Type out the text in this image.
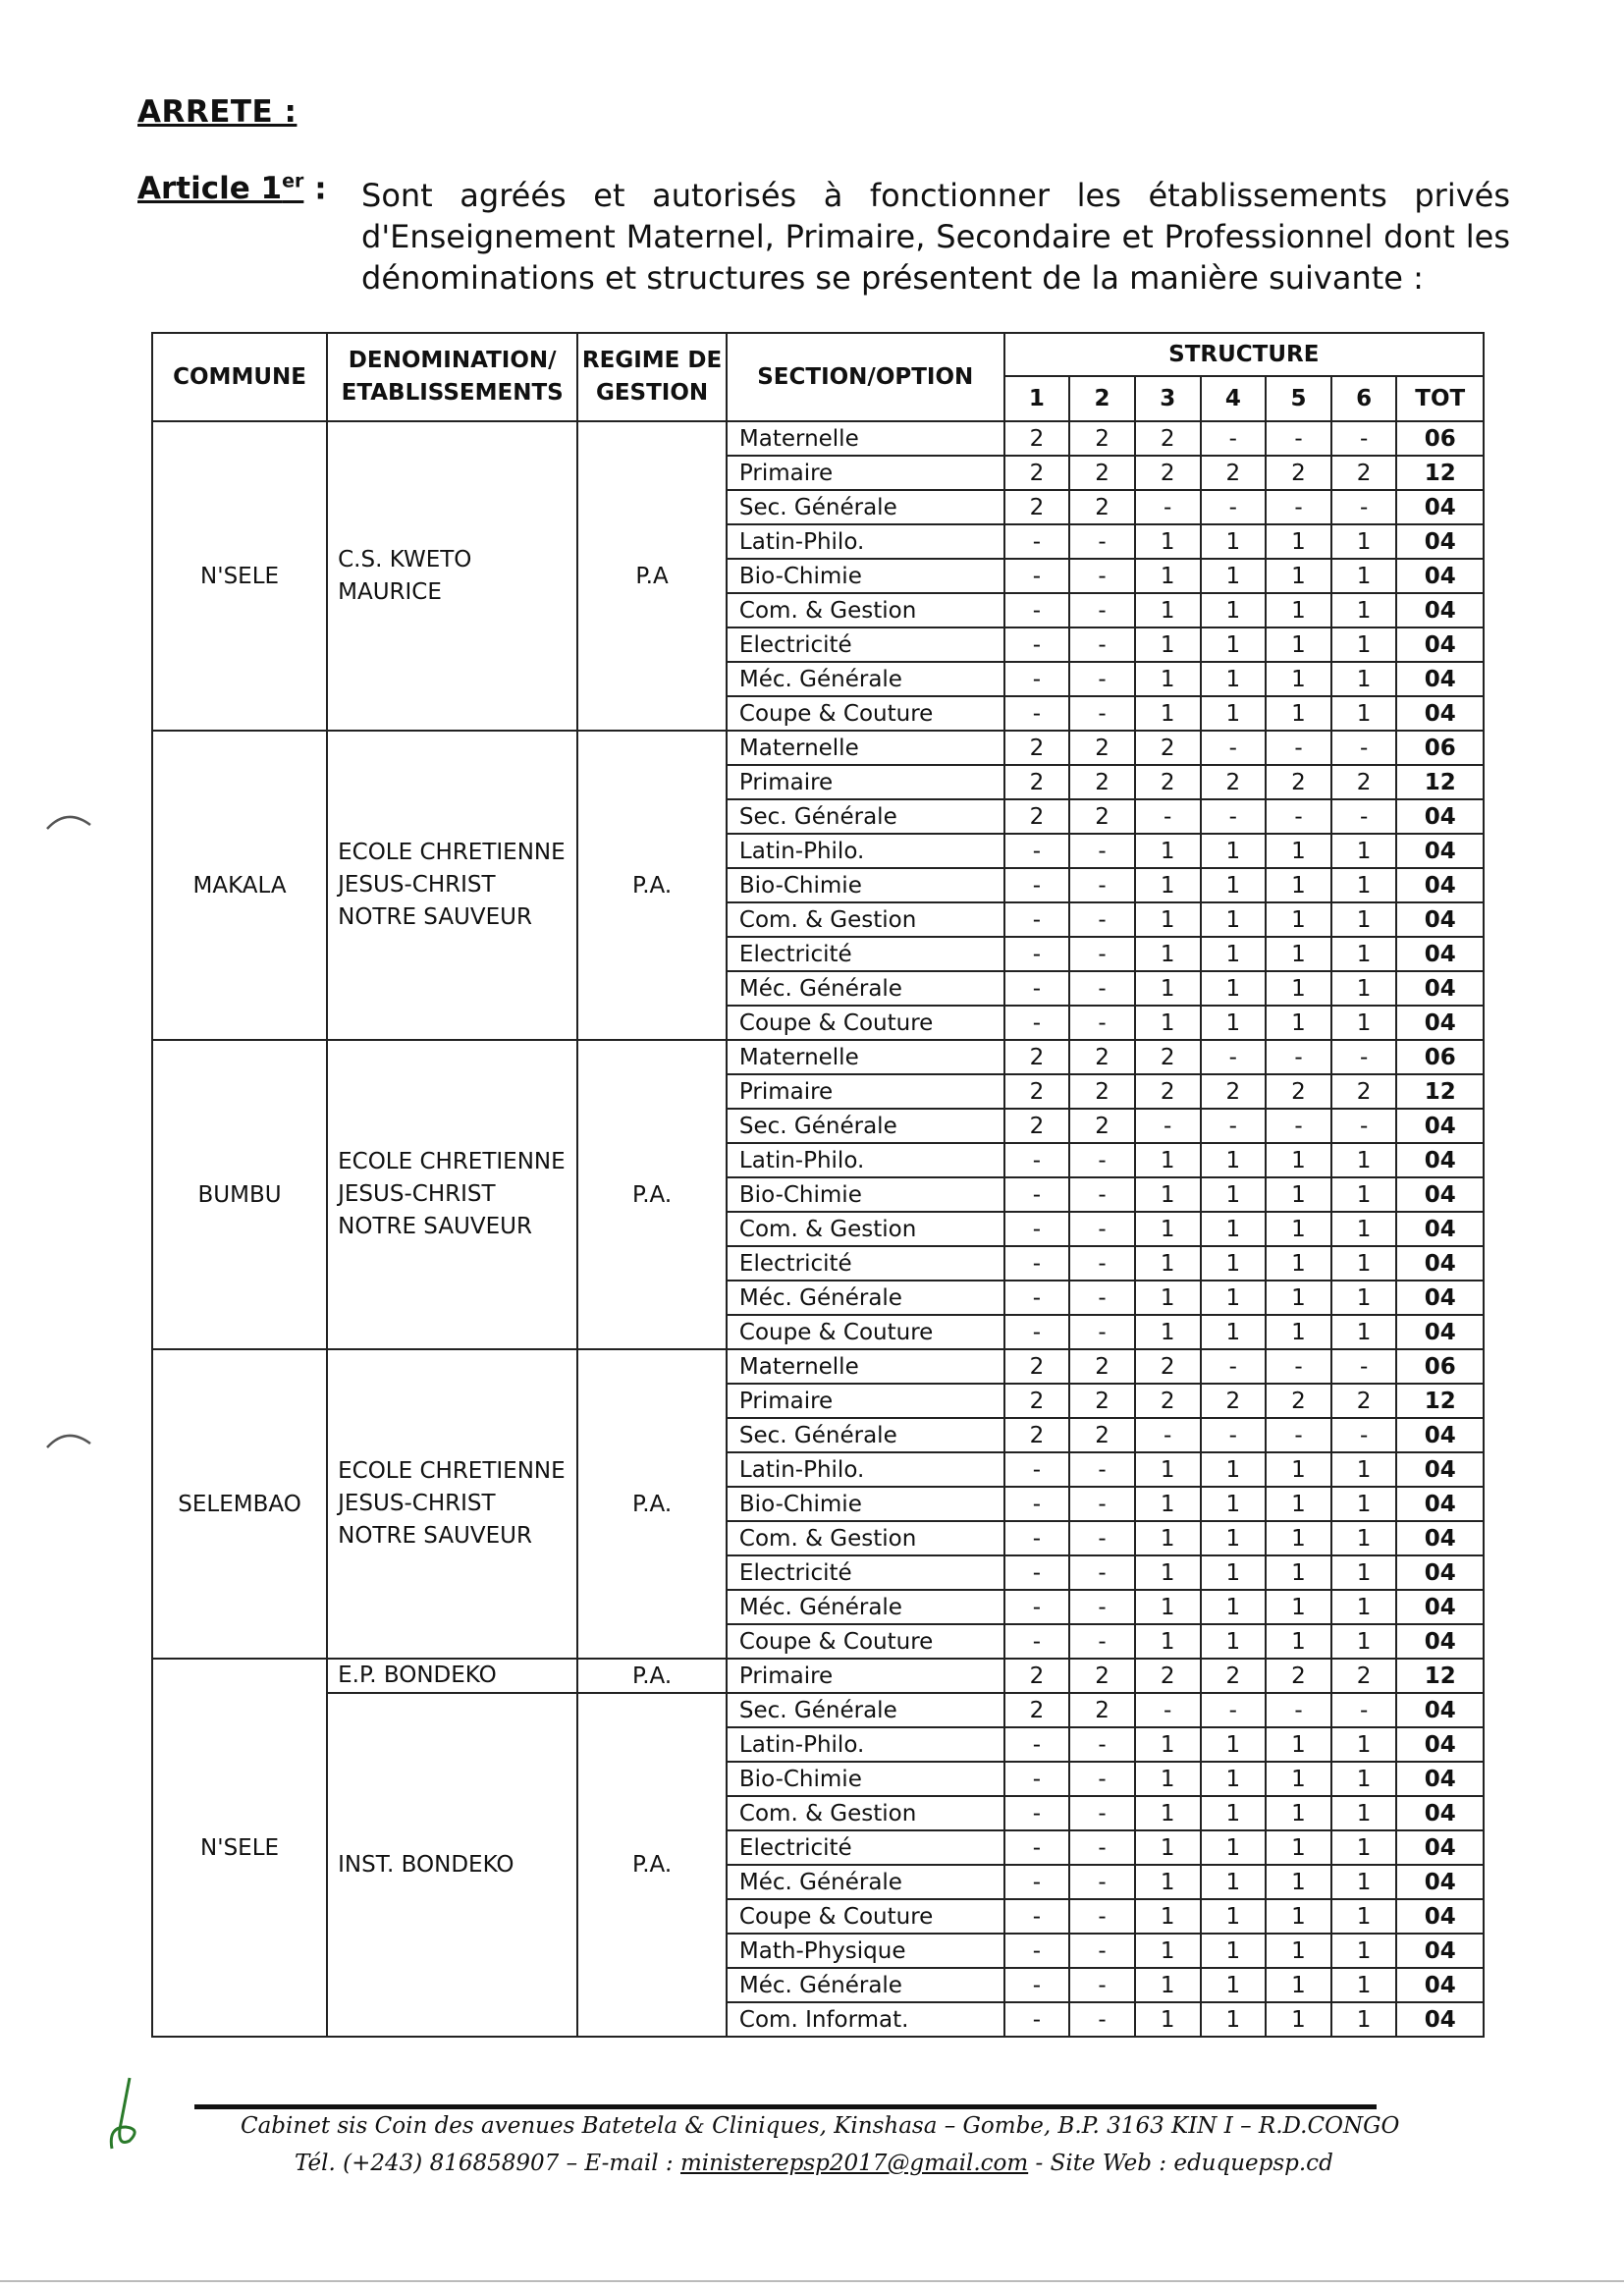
ARRETE :
Article 1er : Sont agréés et autorisés à fonctionner les établissements privés d'Enseignement Maternel, Primaire, Secondaire et Professionnel dont les dénominations et structures se présentent de la manière suivante :
COMMUNE	DENOMINATION/ ETABLISSEMENTS	REGIME DE GESTION	SECTION/OPTION	STRUCTURE						
				1	2	3	4	5	6	TOT
N'SELE	C.S. KWETO MAURICE	P.A	Maternelle	2	2	2	-	-	-	06
			Primaire	2	2	2	2	2	2	12
			Sec. Générale	2	2	-	-	-	-	04
			Latin-Philo.	-	-	1	1	1	1	04
			Bio-Chimie	-	-	1	1	1	1	04
			Com. & Gestion	-	-	1	1	1	1	04
			Electricité	-	-	1	1	1	1	04
			Méc. Générale	-	-	1	1	1	1	04
			Coupe & Couture	-	-	1	1	1	1	04
MAKALA	ECOLE CHRETIENNE JESUS-CHRIST NOTRE SAUVEUR	P.A.	Maternelle	2	2	2	-	-	-	06
			Primaire	2	2	2	2	2	2	12
			Sec. Générale	2	2	-	-	-	-	04
			Latin-Philo.	-	-	1	1	1	1	04
			Bio-Chimie	-	-	1	1	1	1	04
			Com. & Gestion	-	-	1	1	1	1	04
			Electricité	-	-	1	1	1	1	04
			Méc. Générale	-	-	1	1	1	1	04
			Coupe & Couture	-	-	1	1	1	1	04
BUMBU	ECOLE CHRETIENNE JESUS-CHRIST NOTRE SAUVEUR	P.A.	Maternelle	2	2	2	-	-	-	06
			Primaire	2	2	2	2	2	2	12
			Sec. Générale	2	2	-	-	-	-	04
			Latin-Philo.	-	-	1	1	1	1	04
			Bio-Chimie	-	-	1	1	1	1	04
			Com. & Gestion	-	-	1	1	1	1	04
			Electricité	-	-	1	1	1	1	04
			Méc. Générale	-	-	1	1	1	1	04
			Coupe & Couture	-	-	1	1	1	1	04
SELEMBAO	ECOLE CHRETIENNE JESUS-CHRIST NOTRE SAUVEUR	P.A.	Maternelle	2	2	2	-	-	-	06
			Primaire	2	2	2	2	2	2	12
			Sec. Générale	2	2	-	-	-	-	04
			Latin-Philo.	-	-	1	1	1	1	04
			Bio-Chimie	-	-	1	1	1	1	04
			Com. & Gestion	-	-	1	1	1	1	04
			Electricité	-	-	1	1	1	1	04
			Méc. Générale	-	-	1	1	1	1	04
			Coupe & Couture	-	-	1	1	1	1	04
N'SELE	E.P. BONDEKO	P.A.	Primaire	2	2	2	2	2	2	12
	INST. BONDEKO	P.A.	Sec. Générale	2	2	-	-	-	-	04
			Latin-Philo.	-	-	1	1	1	1	04
			Bio-Chimie	-	-	1	1	1	1	04
			Com. & Gestion	-	-	1	1	1	1	04
			Electricité	-	-	1	1	1	1	04
			Méc. Générale	-	-	1	1	1	1	04
			Coupe & Couture	-	-	1	1	1	1	04
			Math-Physique	-	-	1	1	1	1	04
			Méc. Générale	-	-	1	1	1	1	04
			Com. Informat.	-	-	1	1	1	1	04
Cabinet sis Coin des avenues Batetela & Cliniques, Kinshasa – Gombe, B.P. 3163 KIN I – R.D.CONGO
Tél. (+243) 816858907 – E-mail : ministerepsp2017@gmail.com - Site Web : eduquepsp.cd
